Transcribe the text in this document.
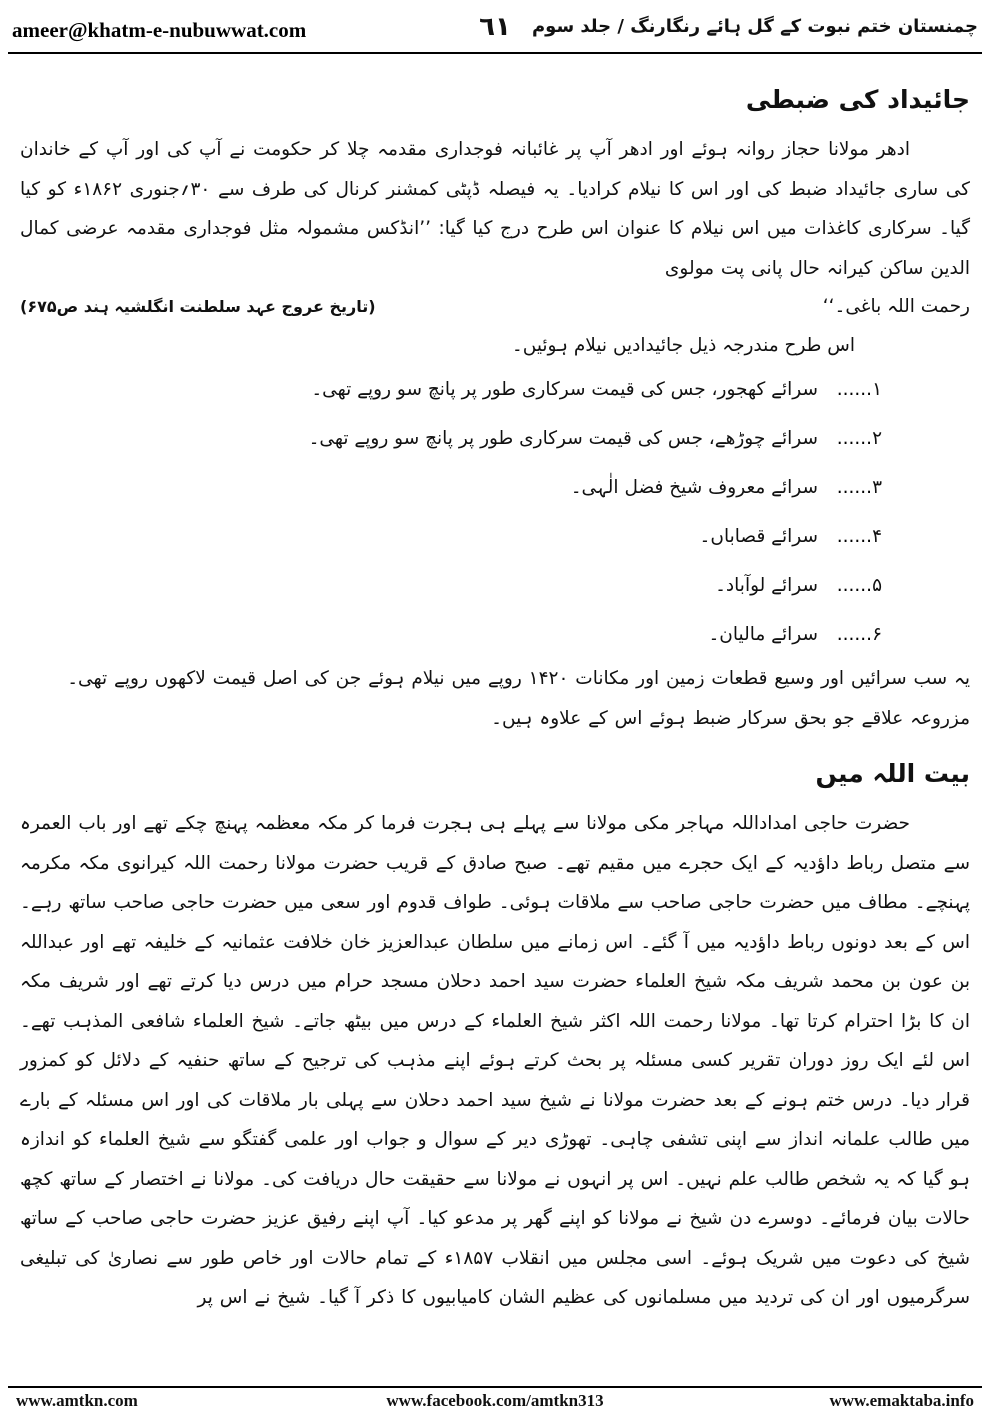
ameer@khatm-e-nubuwwat.com	٦١	چمنستان ختم نبوت کے گل ہائے رنگارنگ / جلد سوم
جائیداد کی ضبطی

ادھر مولانا حجاز روانہ ہوئے اور ادھر آپ پر غائبانہ فوجداری مقدمہ چلا کر حکومت نے آپ کی اور آپ کے خاندان کی ساری جائیداد ضبط کی اور اس کا نیلام کرادیا۔ یہ فیصلہ ڈپٹی کمشنر کرنال کی طرف سے ۳۰؍جنوری ۱۸۶۲ء کو کیا گیا۔ سرکاری کاغذات میں اس نیلام کا عنوان اس طرح درج کیا گیا: ’’انڈکس مشمولہ مثل فوجداری مقدمہ عرضی کمال الدین ساکن کیرانہ حال پانی پت مولوی

رحمت اللہ باغی۔‘‘
(تاریخ عروج عہد سلطنت انگلشیہ ہند ص۶۷۵)
اس طرح مندرجہ ذیل جائیدادیں نیلام ہوئیں۔
۱......
سرائے کھجور، جس کی قیمت سرکاری طور پر پانچ سو روپے تھی۔
۲......
سرائے چوڑھے، جس کی قیمت سرکاری طور پر پانچ سو روپے تھی۔
۳......
سرائے معروف شیخ فضل الٰہی۔
۴......
سرائے قصاباں۔
۵......
سرائے لوآباد۔
۶......
سرائے مالیان۔

یہ سب سرائیں اور وسیع قطعات زمین اور مکانات ۱۴۲۰ روپے میں نیلام ہوئے جن کی اصل قیمت لاکھوں روپے تھی۔

مزروعہ علاقے جو بحق سرکار ضبط ہوئے اس کے علاوہ ہیں۔

بیت اللہ میں

حضرت حاجی امداداللہ مہاجر مکی مولانا سے پہلے ہی ہجرت فرما کر مکہ معظمہ پہنچ چکے تھے اور باب العمرہ سے متصل رباط داؤدیہ کے ایک حجرے میں مقیم تھے۔ صبح صادق کے قریب حضرت مولانا رحمت اللہ کیرانوی مکہ مکرمہ پہنچے۔ مطاف میں حضرت حاجی صاحب سے ملاقات ہوئی۔ طواف قدوم اور سعی میں حضرت حاجی صاحب ساتھ رہے۔ اس کے بعد دونوں رباط داؤدیہ میں آ گئے۔ اس زمانے میں سلطان عبدالعزیز خان خلافت عثمانیہ کے خلیفہ تھے اور عبداللہ بن عون بن محمد شریف مکہ شیخ العلماء حضرت سید احمد دحلان مسجد حرام میں درس دیا کرتے تھے اور شریف مکہ ان کا بڑا احترام کرتا تھا۔ مولانا رحمت اللہ اکثر شیخ العلماء کے درس میں بیٹھ جاتے۔ شیخ العلماء شافعی المذہب تھے۔ اس لئے ایک روز دوران تقریر کسی مسئلہ پر بحث کرتے ہوئے اپنے مذہب کی ترجیح کے ساتھ حنفیہ کے دلائل کو کمزور قرار دیا۔ درس ختم ہونے کے بعد حضرت مولانا نے شیخ سید احمد دحلان سے پہلی بار ملاقات کی اور اس مسئلہ کے بارے میں طالب علمانہ انداز سے اپنی تشفی چاہی۔ تھوڑی دیر کے سوال و جواب اور علمی گفتگو سے شیخ العلماء کو اندازہ ہو گیا کہ یہ شخص طالب علم نہیں۔ اس پر انہوں نے مولانا سے حقیقت حال دریافت کی۔ مولانا نے اختصار کے ساتھ کچھ حالات بیان فرمائے۔ دوسرے دن شیخ نے مولانا کو اپنے گھر پر مدعو کیا۔ آپ اپنے رفیق عزیز حضرت حاجی صاحب کے ساتھ شیخ کی دعوت میں شریک ہوئے۔ اسی مجلس میں انقلاب ۱۸۵۷ء کے تمام حالات اور خاص طور سے نصاریٰ کی تبلیغی سرگرمیوں اور ان کی تردید میں مسلمانوں کی عظیم الشان کامیابیوں کا ذکر آ گیا۔ شیخ نے اس پر

www.amtkn.com	www.facebook.com/amtkn313	www.emaktaba.info
